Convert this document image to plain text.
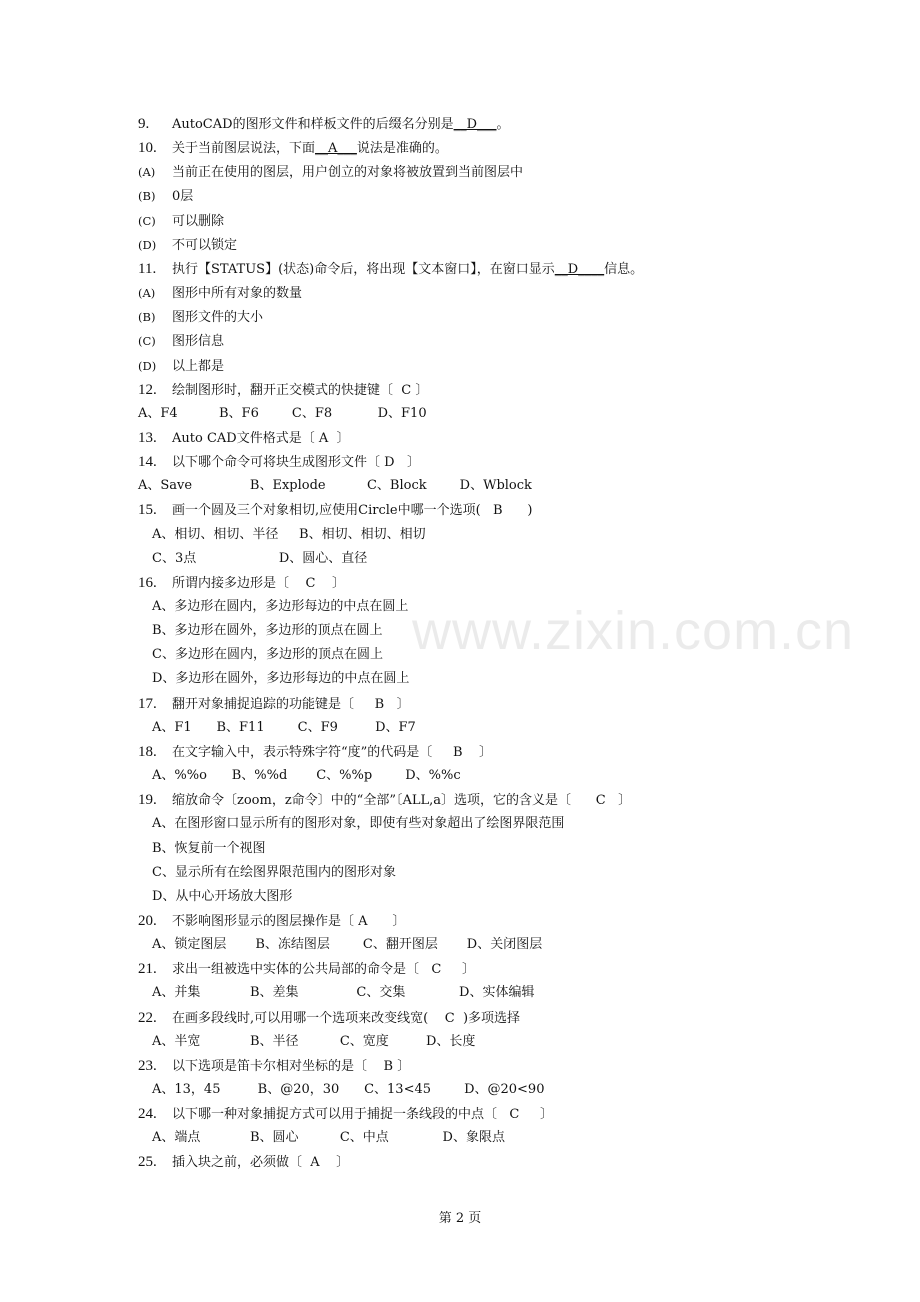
9. AutoCAD的图形文件和样板文件的后缀名分别是__D___。
10. 关于当前图层说法，下面__A___说法是准确的。
(A) 当前正在使用的图层，用户创立的对象将被放置到当前图层中
(B) 0层
(C) 可以删除
(D) 不可以锁定
11. 执行【STATUS】(状态)命令后，将出现【文本窗口】，在窗口显示__D____信息。
(A) 图形中所有对象的数量
(B) 图形文件的大小
(C) 图形信息
(D) 以上都是
12. 绘制图形时，翻开正交模式的快捷键〔  C 〕
A、F4          B、F6        C、F8           D、F10
13. Auto CAD文件格式是〔 A  〕
14. 以下哪个命令可将块生成图形文件〔 D   〕
A、Save              B、Explode          C、Block        D、Wblock
15. 画一个圆及三个对象相切,应使用Circle中哪一个选项(   B      )
A、相切、相切、半径     B、相切、相切、相切
C、3点                    D、圆心、直径
16. 所谓内接多边形是〔    C    〕
A、多边形在圆内，多边形每边的中点在圆上
B、多边形在圆外，多边形的顶点在圆上
C、多边形在圆内，多边形的顶点在圆上
D、多边形在圆外，多边形每边的中点在圆上
17. 翻开对象捕捉追踪的功能键是〔     B   〕
A、F1      B、F11        C、F9         D、F7
18. 在文字输入中，表示特殊字符“度”的代码是〔     B    〕
A、%%o      B、%%d       C、%%p        D、%%c
19. 缩放命令〔zoom，z命令〕中的“全部”〔ALL,a〕选项，它的含义是〔      C   〕
A、在图形窗口显示所有的图形对象，即使有些对象超出了绘图界限范围
B、恢复前一个视图
C、显示所有在绘图界限范围内的图形对象
D、从中心开场放大图形
20. 不影响图形显示的图层操作是〔 A      〕
A、锁定图层       B、冻结图层        C、翻开图层       D、关闭图层
21. 求出一组被选中实体的公共局部的命令是〔   C     〕
A、并集            B、差集              C、交集             D、实体编辑
22. 在画多段线时,可以用哪一个选项来改变线宽(    C  )多项选择
A、半宽            B、半径          C、宽度         D、长度
23. 以下选项是笛卡尔相对坐标的是〔    B 〕
A、13，45         B、@20，30      C、13<45        D、@20<90
24. 以下哪一种对象捕捉方式可以用于捕捉一条线段的中点〔   C     〕
A、端点            B、圆心          C、中点             D、象限点
25. 插入块之前，必须做〔  A    〕
www.zixin.com.cn
第 2 页
